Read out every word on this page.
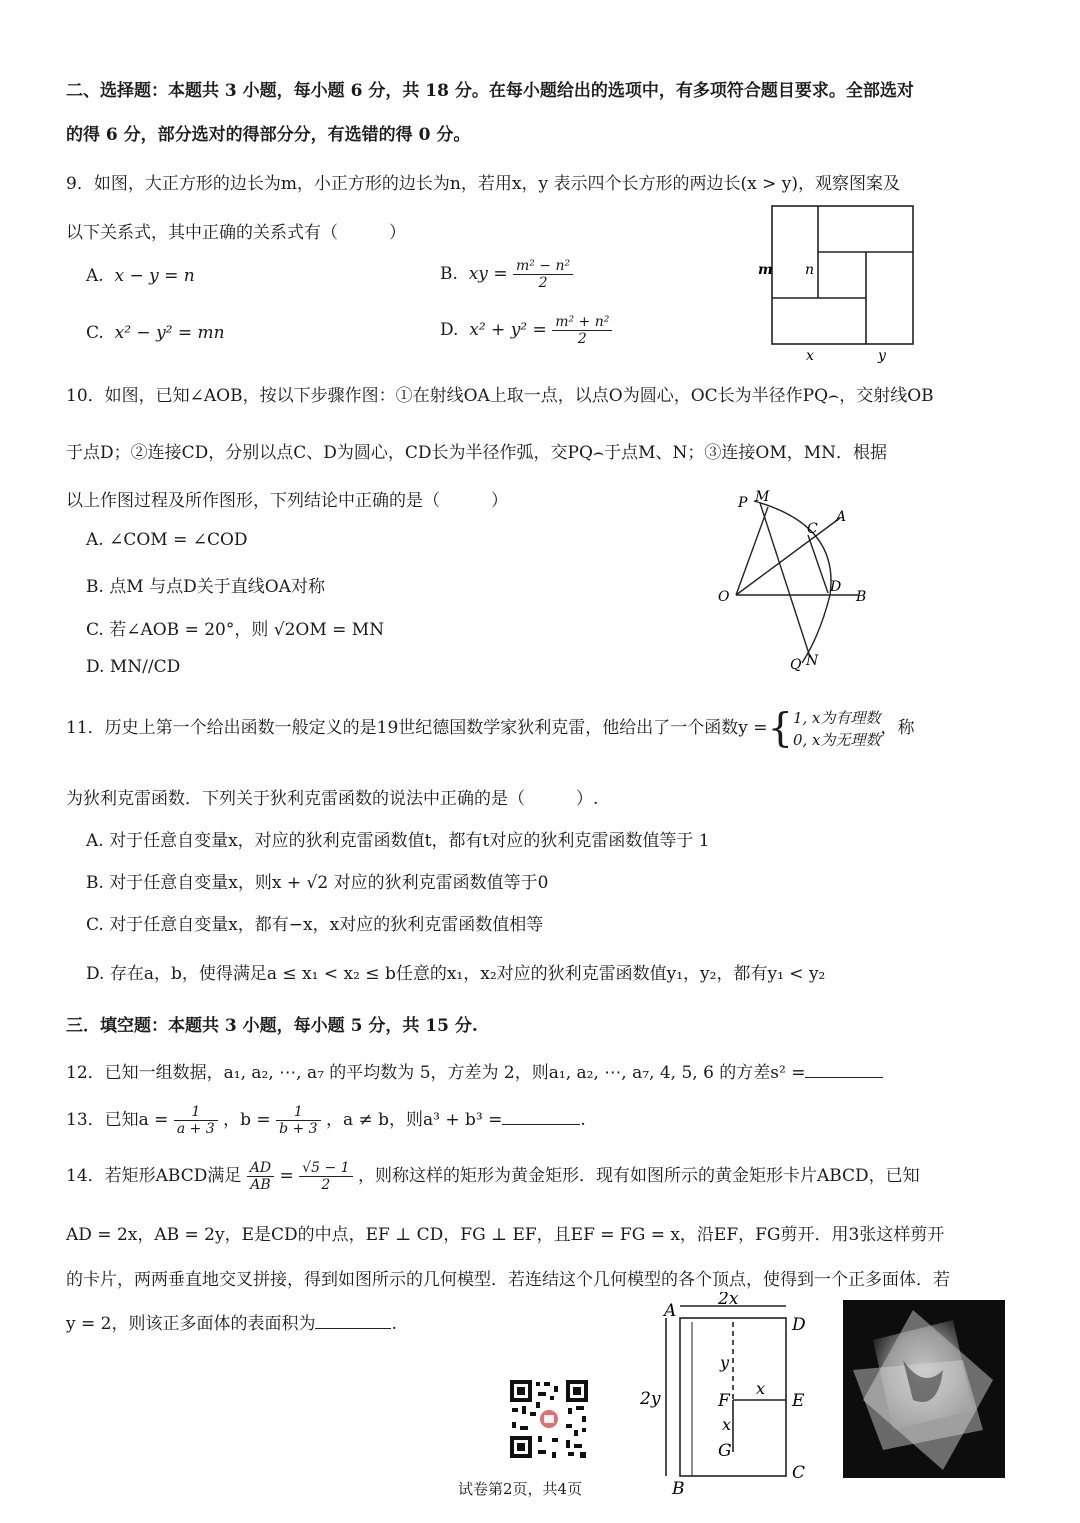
二、选择题：本题共 3 小题，每小题 6 分，共 18 分。在每小题给出的选项中，有多项符合题目要求。全部选对
的得 6 分，部分选对的得部分分，有选错的得 0 分。
9．如图，大正方形的边长为m，小正方形的边长为n，若用x，y 表示四个长方形的两边长(x > y)，观察图案及
以下关系式，其中正确的关系式有（　　　）
A. x − y = n	B. xy = $\frac{\text{m² − n²}}{2}$
C. x² − y² = mn	D. $x^2 + y^2 = \frac{\text{m² + n²}}{2}$
m n
x	y
10．如图，已知∠AOB，按以下步骤作图：①在射线OA上取一点，以点O为圆心，OC长为半径作PQ⌢，交射线OB
于点D；②连接CD，分别以点C、D为圆心，CD长为半径作弧，交PQ⌢于点M、N；③连接OM，MN．根据
以上作图过程及所作图形，下列结论中正确的是（　　　）
A. ∠COM = ∠COD
B. 点M 与点D关于直线OA对称
C. 若∠AOB = 20°，则 √2OM = MN
D. MN//CD
P M
C
A
O
D
B
Q N
11．历史上第一个给出函数一般定义的是19世纪德国数学家狄利克雷，他给出了一个函数y ={1, x为有理数
0, x为无理数，称
为狄利克雷函数．下列关于狄利克雷函数的说法中正确的是（　　　）.
A. 对于任意自变量x，对应的狄利克雷函数值t，都有t对应的狄利克雷函数值等于 1
B. 对于任意自变量x，则x + √2 对应的狄利克雷函数值等于0
C. 对于任意自变量x，都有−x，x对应的狄利克雷函数值相等
D. 存在a，b，使得满足a ≤ x₁ < x₂ ≤ b任意的x₁，x₂对应的狄利克雷函数值y₁，y₂，都有y₁ < y₂
三．填空题：本题共 3 小题，每小题 5 分，共 15 分.
12．已知一组数据，a₁, a₂, ⋯, a₇ 的平均数为 5，方差为 2，则a₁, a₂, ⋯, a₇, 4, 5, 6 的方差s² =
13．已知$a = \frac{1}{a + 3}$ ，$b = \frac{1}{b + 3}$ ，a ≠ b，则a³ + b³ =	.
14．若矩形ABCD满足 $\frac{AD}{AB} = \frac{√5 - 1}{2}$ ，则称这样的矩形为黄金矩形．现有如图所示的黄金矩形卡片ABCD，已知
AD = 2x，AB = 2y，E是CD的中点，EF ⊥ CD，FG ⊥ EF，且EF = FG = x，沿EF，FG剪开．用3张这样剪开
的卡片，两两垂直地交叉拼接，得到如图所示的几何模型．若连结这个几何模型的各个顶点，使得到一个正多面体．若
y = 2，则该正多面体的表面积为	.
A
D
B
C
E
F
G
2x
2y
y
x
x
试卷第2页，共4页
